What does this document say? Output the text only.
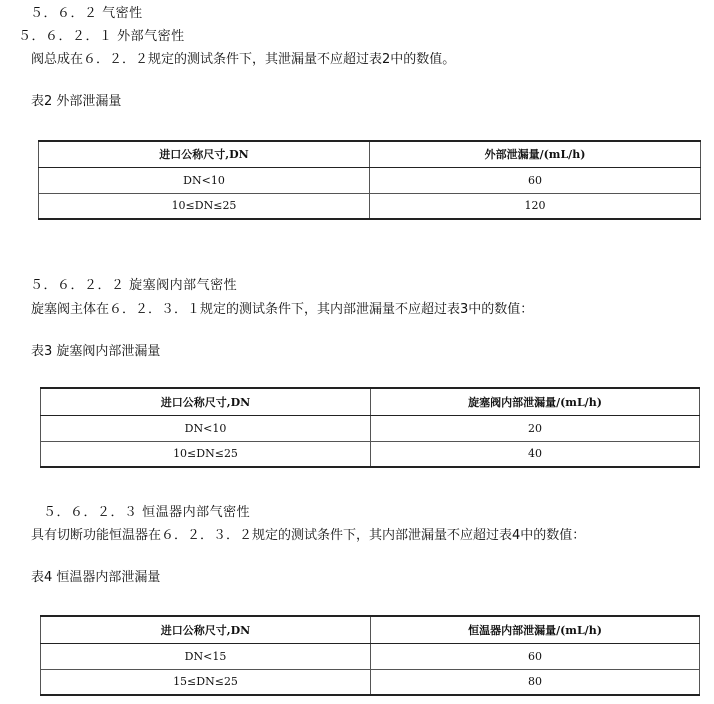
５．６．２ 气密性
５．６．２．１ 外部气密性
阀总成在６．２．２规定的测试条件下，其泄漏量不应超过表2中的数值。
表2 外部泄漏量
进口公称尺寸,DN	外部泄漏量/(mL/h)
DN<10	60
10≤DN≤25	120
５．６．２．２ 旋塞阀内部气密性
旋塞阀主体在６．２．３．１规定的测试条件下，其内部泄漏量不应超过表3中的数值：
表3 旋塞阀内部泄漏量
进口公称尺寸,DN	旋塞阀内部泄漏量/(mL/h)
DN<10	20
10≤DN≤25	40
５．６．２．３ 恒温器内部气密性
具有切断功能恒温器在６．２．３．２规定的测试条件下，其内部泄漏量不应超过表4中的数值：
表4 恒温器内部泄漏量
进口公称尺寸,DN	恒温器内部泄漏量/(mL/h)
DN<15	60
15≤DN≤25	80
